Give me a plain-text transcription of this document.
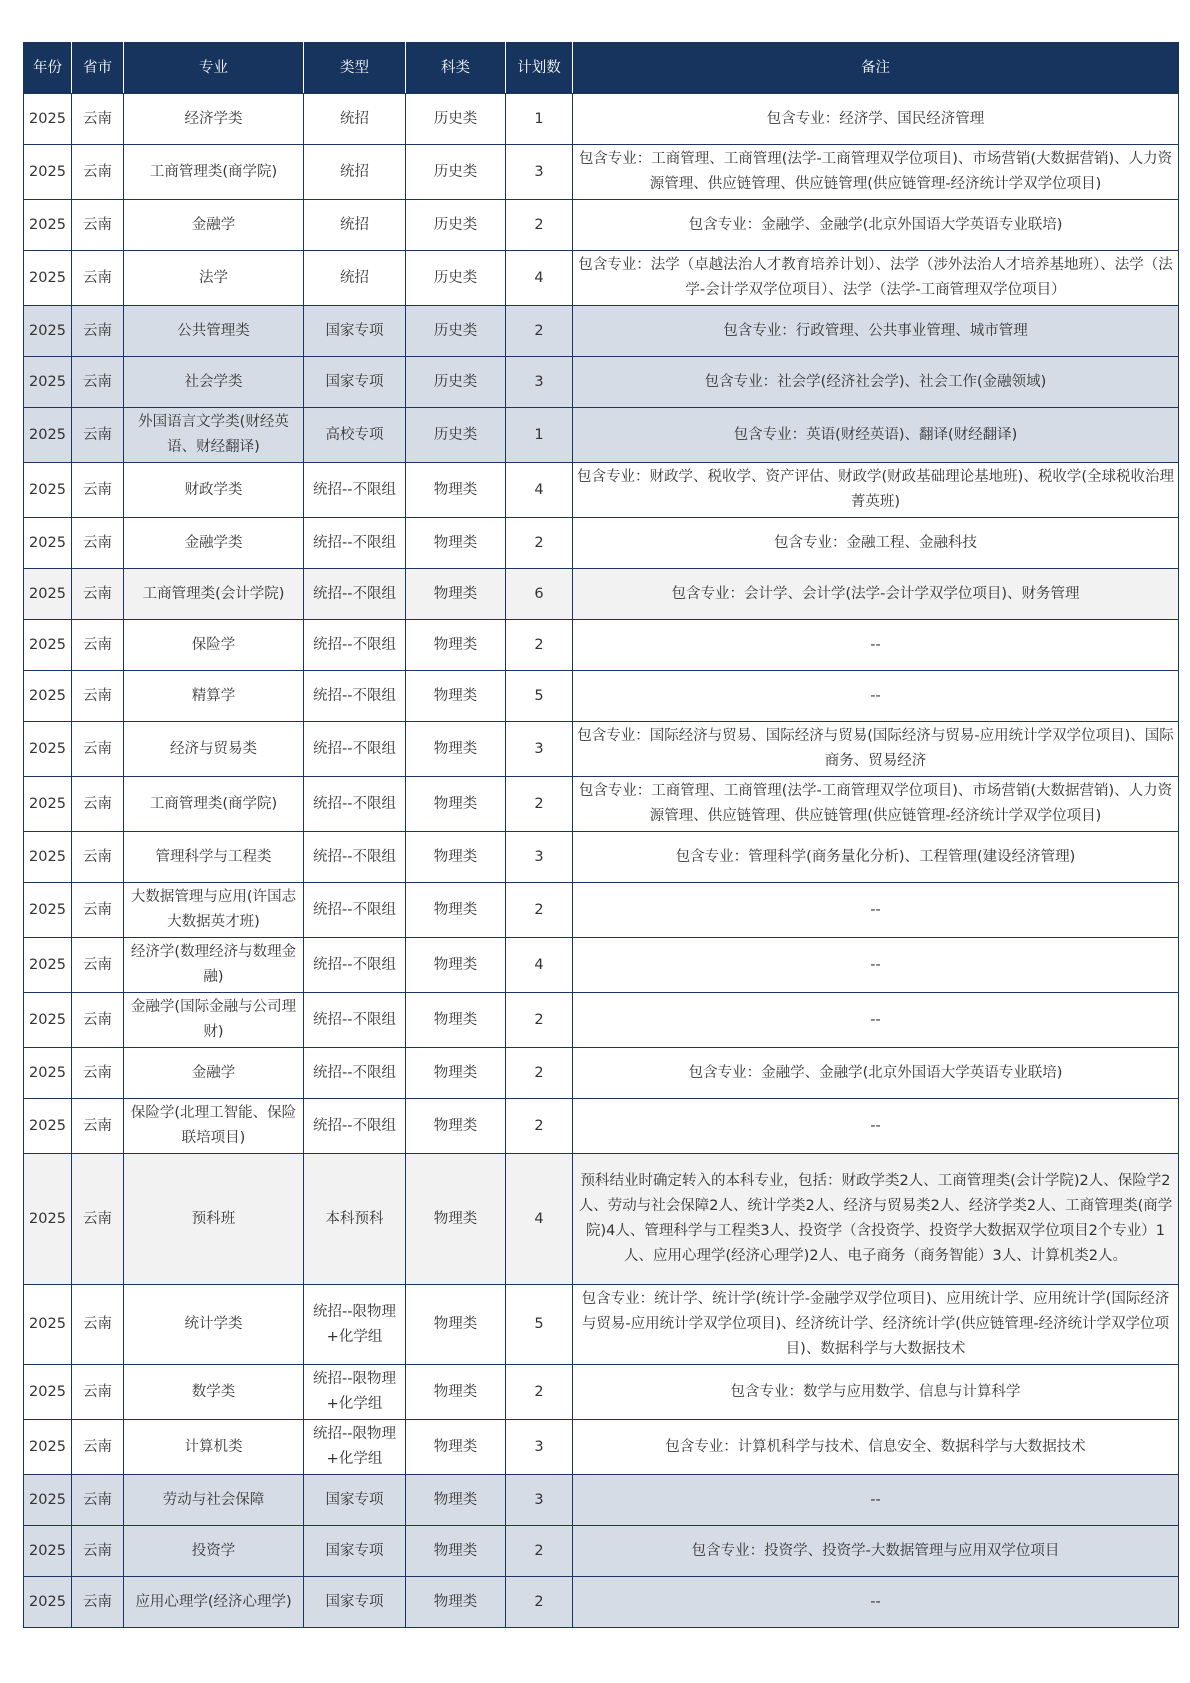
年份	省市	专业	类型	科类	计划数	备注
2025	云南	经济学类	统招	历史类	1	包含专业：经济学、国民经济管理
2025	云南	工商管理类(商学院)	统招	历史类	3	包含专业：工商管理、工商管理(法学-工商管理双学位项目)、市场营销(大数据营销)、人力资源管理、供应链管理、供应链管理(供应链管理-经济统计学双学位项目)
2025	云南	金融学	统招	历史类	2	包含专业：金融学、金融学(北京外国语大学英语专业联培)
2025	云南	法学	统招	历史类	4	包含专业：法学（卓越法治人才教育培养计划）、法学（涉外法治人才培养基地班）、法学（法学-会计学双学位项目）、法学（法学-工商管理双学位项目）
2025	云南	公共管理类	国家专项	历史类	2	包含专业：行政管理、公共事业管理、城市管理
2025	云南	社会学类	国家专项	历史类	3	包含专业：社会学(经济社会学)、社会工作(金融领域)
2025	云南	外国语言文学类(财经英语、财经翻译)	高校专项	历史类	1	包含专业：英语(财经英语)、翻译(财经翻译)
2025	云南	财政学类	统招--不限组	物理类	4	包含专业：财政学、税收学、资产评估、财政学(财政基础理论基地班)、税收学(全球税收治理菁英班)
2025	云南	金融学类	统招--不限组	物理类	2	包含专业：金融工程、金融科技
2025	云南	工商管理类(会计学院)	统招--不限组	物理类	6	包含专业：会计学、会计学(法学-会计学双学位项目)、财务管理
2025	云南	保险学	统招--不限组	物理类	2	--
2025	云南	精算学	统招--不限组	物理类	5	--
2025	云南	经济与贸易类	统招--不限组	物理类	3	包含专业：国际经济与贸易、国际经济与贸易(国际经济与贸易-应用统计学双学位项目)、国际商务、贸易经济
2025	云南	工商管理类(商学院)	统招--不限组	物理类	2	包含专业：工商管理、工商管理(法学-工商管理双学位项目)、市场营销(大数据营销)、人力资源管理、供应链管理、供应链管理(供应链管理-经济统计学双学位项目)
2025	云南	管理科学与工程类	统招--不限组	物理类	3	包含专业：管理科学(商务量化分析)、工程管理(建设经济管理)
2025	云南	大数据管理与应用(许国志大数据英才班)	统招--不限组	物理类	2	--
2025	云南	经济学(数理经济与数理金融)	统招--不限组	物理类	4	--
2025	云南	金融学(国际金融与公司理财)	统招--不限组	物理类	2	--
2025	云南	金融学	统招--不限组	物理类	2	包含专业：金融学、金融学(北京外国语大学英语专业联培)
2025	云南	保险学(北理工智能、保险联培项目)	统招--不限组	物理类	2	--
2025	云南	预科班	本科预科	物理类	4	预科结业时确定转入的本科专业，包括：财政学类2人、工商管理类(会计学院)2人、保险学2人、劳动与社会保障2人、统计学类2人、经济与贸易类2人、经济学类2人、工商管理类(商学院)4人、管理科学与工程类3人、投资学（含投资学、投资学大数据双学位项目2个专业）1人、应用心理学(经济心理学)2人、电子商务（商务智能）3人、计算机类2人。
2025	云南	统计学类	统招--限物理+化学组	物理类	5	包含专业：统计学、统计学(统计学-金融学双学位项目)、应用统计学、应用统计学(国际经济与贸易-应用统计学双学位项目)、经济统计学、经济统计学(供应链管理-经济统计学双学位项目)、数据科学与大数据技术
2025	云南	数学类	统招--限物理+化学组	物理类	2	包含专业：数学与应用数学、信息与计算科学
2025	云南	计算机类	统招--限物理+化学组	物理类	3	包含专业：计算机科学与技术、信息安全、数据科学与大数据技术
2025	云南	劳动与社会保障	国家专项	物理类	3	--
2025	云南	投资学	国家专项	物理类	2	包含专业：投资学、投资学-大数据管理与应用双学位项目
2025	云南	应用心理学(经济心理学)	国家专项	物理类	2	--
